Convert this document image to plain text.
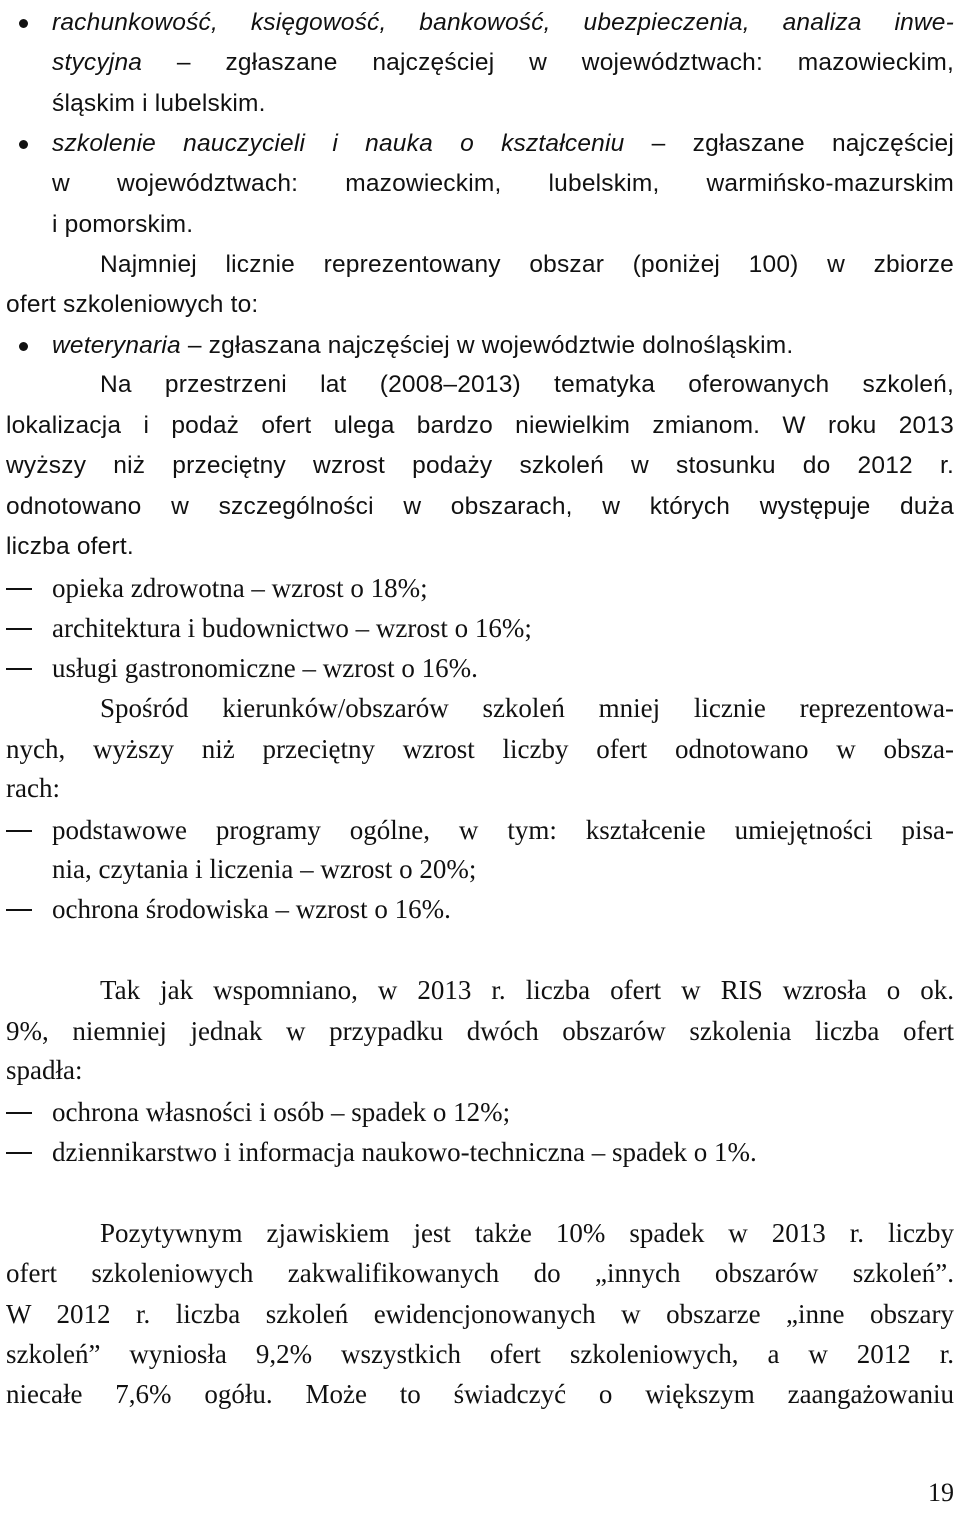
19
rachunkowość, księgowość, bankowość, ubezpieczenia, analiza inwe-
stycyjna – zgłaszane najczęściej w województwach: mazowieckim,
śląskim i lubelskim.
szkolenie nauczycieli i nauka o kształceniu – zgłaszane najczęściej
w województwach: mazowieckim, lubelskim, warmińsko-mazurskim
i pomorskim.
Najmniej licznie reprezentowany obszar (poniżej 100) w zbiorze
ofert szkoleniowych to:
weterynaria – zgłaszana najczęściej w województwie dolnośląskim.
Na przestrzeni lat (2008–2013) tematyka oferowanych szkoleń,
lokalizacja i podaż ofert ulega bardzo niewielkim zmianom. W roku 2013
wyższy niż przeciętny wzrost podaży szkoleń w stosunku do 2012 r.
odnotowano w szczególności w obszarach, w których występuje duża
liczba ofert.
opieka zdrowotna – wzrost o 18%;
architektura i budownictwo – wzrost o 16%;
usługi gastronomiczne – wzrost o 16%.
Spośród kierunków/obszarów szkoleń mniej licznie reprezentowa-
nych, wyższy niż przeciętny wzrost liczby ofert odnotowano w obsza-
rach:
podstawowe programy ogólne, w tym: kształcenie umiejętności pisa-
nia, czytania i liczenia – wzrost o 20%;
ochrona środowiska – wzrost o 16%.
Tak jak wspomniano, w 2013 r. liczba ofert w RIS wzrosła o ok.
9%, niemniej jednak w przypadku dwóch obszarów szkolenia liczba ofert
spadła:
ochrona własności i osób – spadek o 12%;
dziennikarstwo i informacja naukowo-techniczna – spadek o 1%.
Pozytywnym zjawiskiem jest także 10% spadek w 2013 r. liczby
ofert szkoleniowych zakwalifikowanych do „innych obszarów szkoleń”.
W 2012 r. liczba szkoleń ewidencjonowanych w obszarze „inne obszary
szkoleń” wyniosła 9,2% wszystkich ofert szkoleniowych, a w 2012 r.
niecałe 7,6% ogółu. Może to świadczyć o większym zaangażowaniu
